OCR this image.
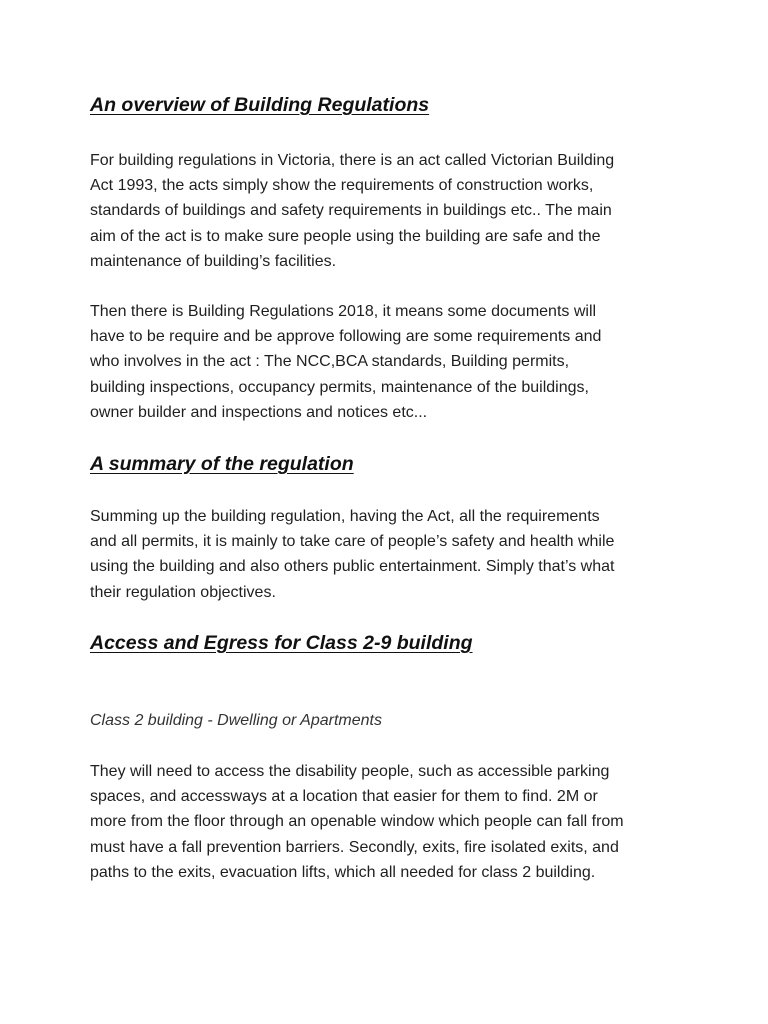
An overview of Building Regulations

For building regulations in Victoria, there is an act called Victorian Building
Act 1993, the acts simply show the requirements of construction works,
standards of buildings and safety requirements in buildings etc.. The main
aim of the act is to make sure people using the building are safe and the
maintenance of building’s facilities.

Then there is Building Regulations 2018, it means some documents will
have to be require and be approve following are some requirements and
who involves in the act : The NCC,BCA standards, Building permits,
building inspections, occupancy permits, maintenance of the buildings,
owner builder and inspections and notices etc...

A summary of the regulation

Summing up the building regulation, having the Act, all the requirements
and all permits, it is mainly to take care of people’s safety and health while
using the building and also others public entertainment. Simply that’s what
their regulation objectives.

Access and Egress for Class 2-9 building
Class 2 building - Dwelling or Apartments

They will need to access the disability people, such as accessible parking
spaces, and accessways at a location that easier for them to find. 2M or
more from the floor through an openable window which people can fall from
must have a fall prevention barriers. Secondly, exits, fire isolated exits, and
paths to the exits, evacuation lifts, which all needed for class 2 building.
